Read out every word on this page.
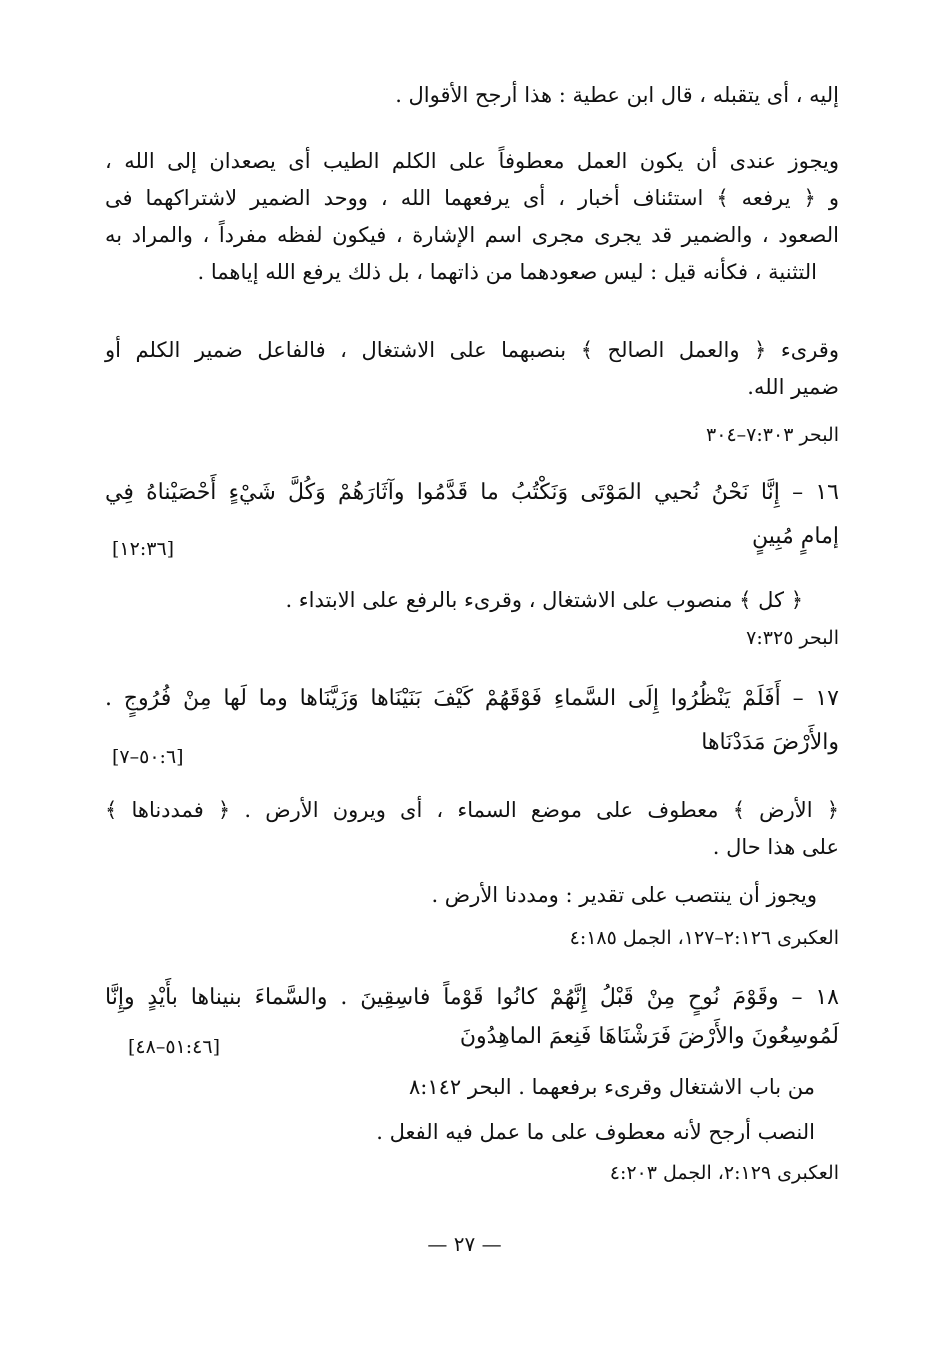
إليه ، أى يتقبله ، قال ابن عطية : هذا أرجح الأقوال .
ويجوز عندى أن يكون العمل معطوفاً على الكلم الطيب أى يصعدان إلى الله ،
و ﴿ يرفعه ﴾ استئناف أخبار ، أى يرفعهما الله ، ووحد الضمير لاشتراكهما فى
الصعود ، والضمير قد يجرى مجرى اسم الإشارة ، فيكون لفظه مفرداً ، والمراد به
التثنية ، فكأنه قيل : ليس صعودهما من ذاتهما ، بل ذلك يرفع الله إياهما .
وقرىء ﴿ والعمل الصالح ﴾ بنصبهما على الاشتغال ، فالفاعل ضمير الكلم أو
ضمير الله.
البحر ٧:٣٠٣–٣٠٤
١٦ – إِنَّا نَحْنُ نُحيي المَوْتَى وَنَكْتُبُ ما قَدَّمُوا وآثَارَهُمْ وَكُلَّ شَيْءٍ أَحْصَيْناهُ فِي
إمامٍ مُبِينٍ
[١٢:٣٦]
﴿ كل ﴾ منصوب على الاشتغال ، وقرىء بالرفع على الابتداء .
البحر ٧:٣٢٥
١٧ – أَفَلَمْ يَنْظُرُوا إِلَى السَّماءِ فَوْقَهُمْ كَيْفَ بَنَيْنَاها وَزَيَّنَاها وما لَها مِنْ فُرُوجٍ .
والأَرْضَ مَدَدْنَاها
[٥٠:٦–٧]
﴿ الأرض ﴾ معطوف على موضع السماء ، أى ويرون الأرض . ﴿ فمددناها ﴾
على هذا حال .
ويجوز أن ينتصب على تقدير : ومددنا الأرض .
العكبرى ٢:١٢٦–١٢٧، الجمل ٤:١٨٥
١٨ – وقَوْمَ نُوحٍ مِنْ قَبْلُ إِنَّهُمْ كانُوا قَوْماً فاسِقِينَ . والسَّماءَ بنيناها بأَيْدٍ وإِنَّا
لَمُوسِعُونَ والأَرْضَ فَرَشْنَاهَا فَنِعمَ الماهِدُونَ
[٥١:٤٦–٤٨]
من باب الاشتغال وقرىء برفعهما . البحر ٨:١٤٢
النصب أرجح لأنه معطوف على ما عمل فيه الفعل .
العكبرى ٢:١٢٩، الجمل ٤:٢٠٣
— ٢٧ —
